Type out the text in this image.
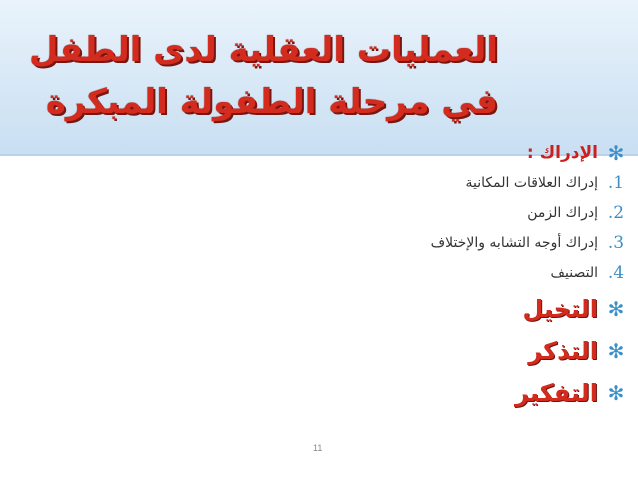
العمليات العقلية لدى الطفل
في مرحلة الطفولة المبكرة
✻
الإدراك :
1.
إدراك العلاقات المكانية
2.
إدراك الزمن
3.
إدراك أوجه التشابه والإختلاف
4.
التصنيف
✻
التخيل
✻
التذكر
✻
التفكير
11
